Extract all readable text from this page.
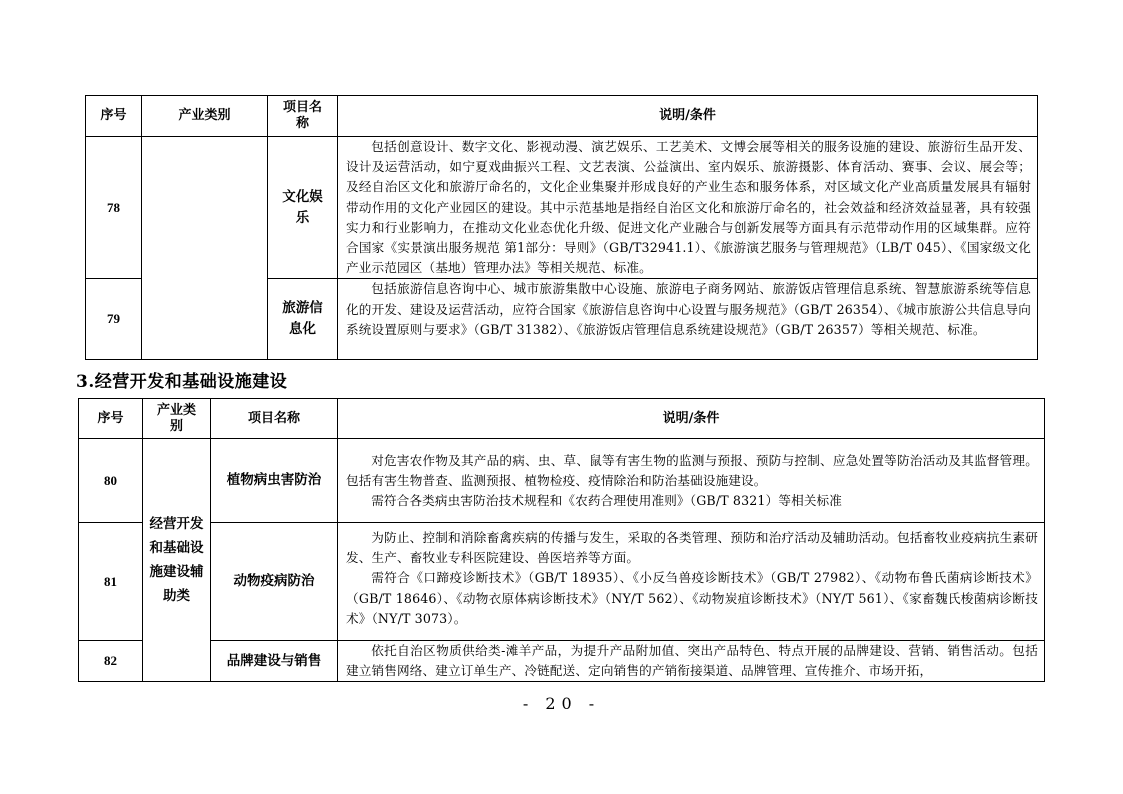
序号	产业类别	项目名称	说明/条件
78		文化娱乐	包括创意设计、数字文化、影视动漫、演艺娱乐、工艺美术、文博会展等相关的服务设施的建设、旅游衍生品开发、设计及运营活动，如宁夏戏曲振兴工程、文艺表演、公益演出、室内娱乐、旅游摄影、体育活动、赛事、会议、展会等；及经自治区文化和旅游厅命名的，文化企业集聚并形成良好的产业生态和服务体系，对区域文化产业高质量发展具有辐射带动作用的文化产业园区的建设。其中示范基地是指经自治区文化和旅游厅命名的，社会效益和经济效益显著，具有较强实力和行业影响力，在推动文化业态优化升级、促进文化产业融合与创新发展等方面具有示范带动作用的区域集群。应符合国家《实景演出服务规范 第1部分：导则》（GB/T32941.1）、《旅游演艺服务与管理规范》（LB/T 045）、《国家级文化产业示范园区（基地）管理办法》等相关规范、标准。

79		旅游信息化	包括旅游信息咨询中心、城市旅游集散中心设施、旅游电子商务网站、旅游饭店管理信息系统、智慧旅游系统等信息化的开发、建设及运营活动，应符合国家《旅游信息咨询中心设置与服务规范》（GB/T 26354）、《城市旅游公共信息导向系统设置原则与要求》（GB/T 31382）、《旅游饭店管理信息系统建设规范》（GB/T 26357）等相关规范、标准。

3.经营开发和基础设施建设
序号	产业类别	项目名称	说明/条件
80	经营开发和基础设施建设辅助类	植物病虫害防治	对危害农作物及其产品的病、虫、草、鼠等有害生物的监测与预报、预防与控制、应急处置等防治活动及其监督管理。包括有害生物普查、监测预报、植物检疫、疫情除治和防治基础设施建设。

需符合各类病虫害防治技术规程和《农药合理使用准则》（GB/T 8321）等相关标准

81		动物疫病防治	为防止、控制和消除畜禽疾病的传播与发生，采取的各类管理、预防和治疗活动及辅助活动。包括畜牧业疫病抗生素研发、生产、畜牧业专科医院建设、兽医培养等方面。

需符合《口蹄疫诊断技术》（GB/T 18935）、《小反刍兽疫诊断技术》（GB/T 27982）、《动物布鲁氏菌病诊断技术》（GB/T 18646）、《动物衣原体病诊断技术》（NY/T 562）、《动物炭疽诊断技术》（NY/T 561）、《家畜魏氏梭菌病诊断技术》（NY/T 3073）。

82		品牌建设与销售	依托自治区物质供给类-滩羊产品，为提升产品附加值、突出产品特色、特点开展的品牌建设、营销、销售活动。包括建立销售网络、建立订单生产、冷链配送、定向销售的产销衔接渠道、品牌管理、宣传推介、市场开拓，

- 20 -
